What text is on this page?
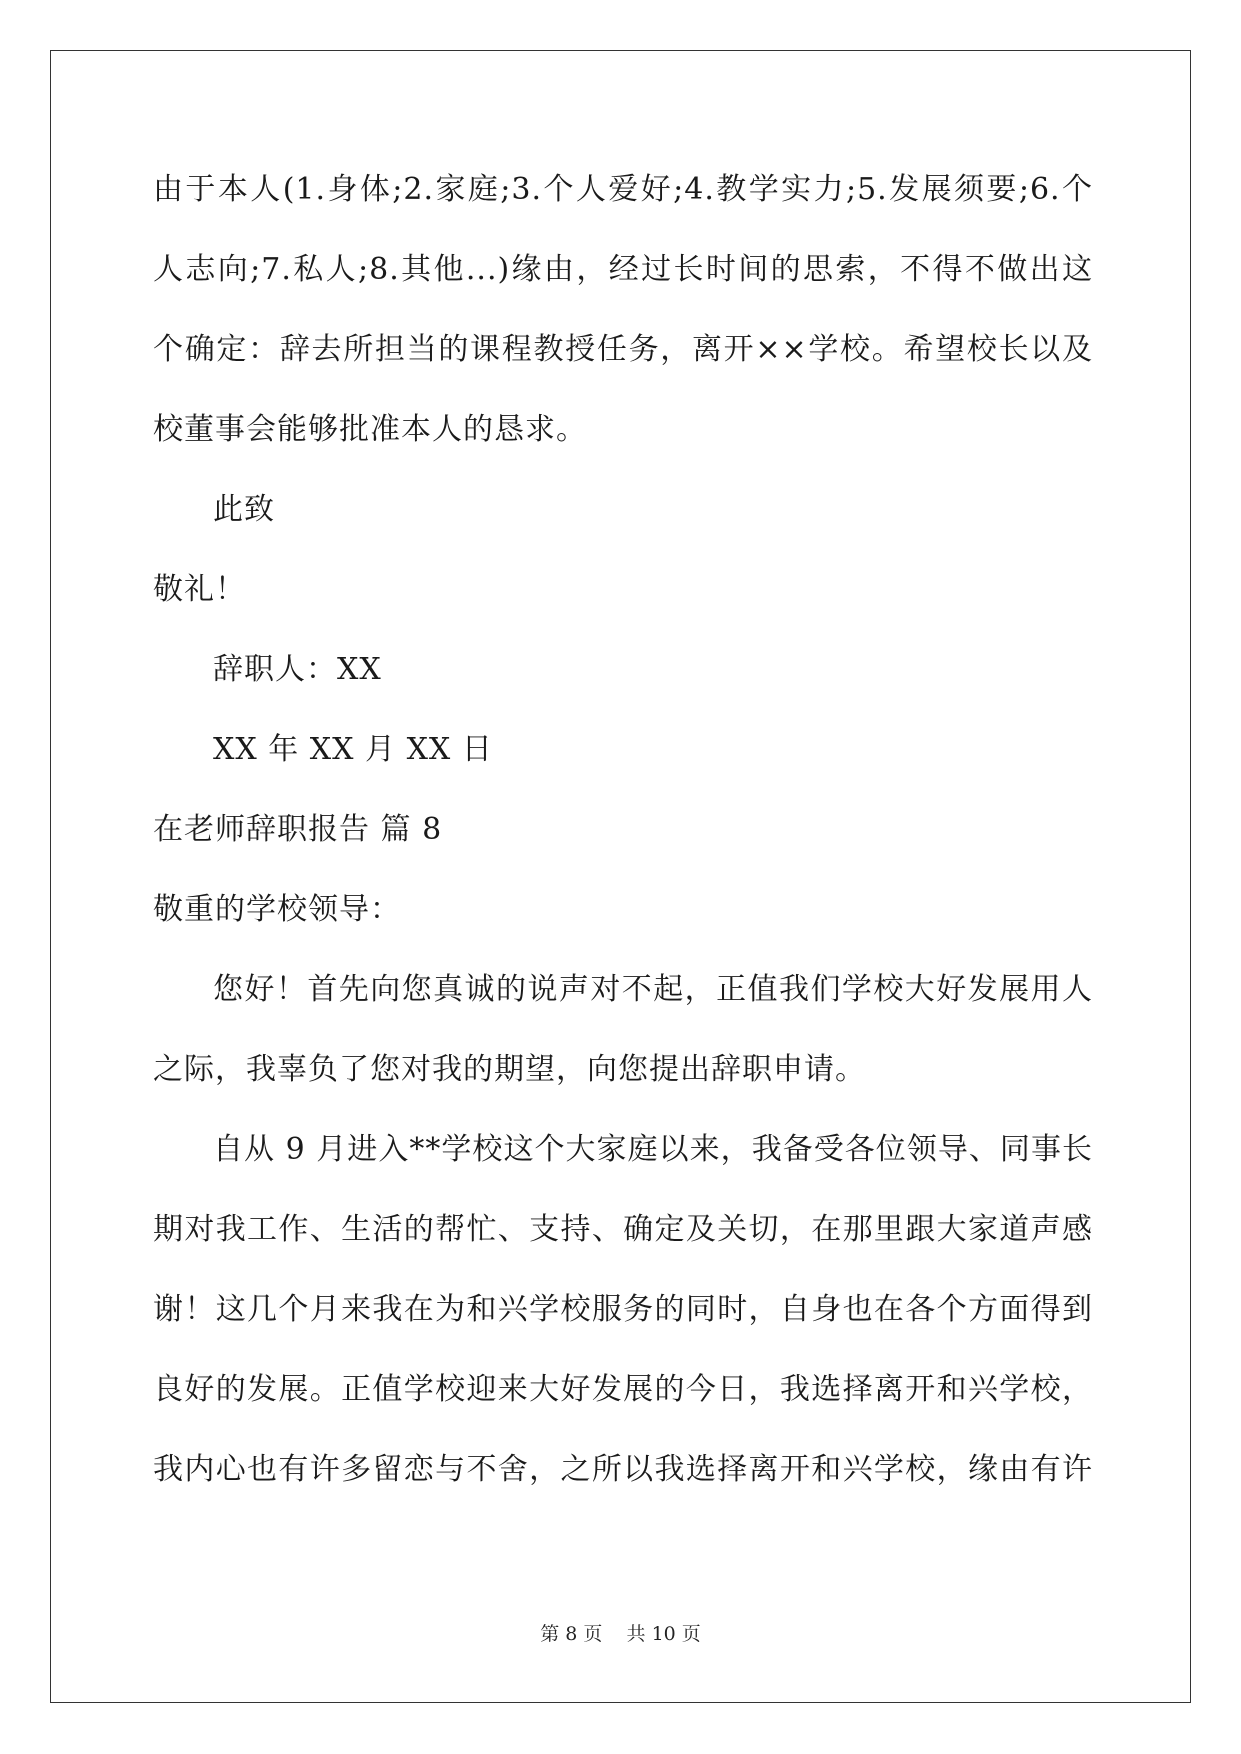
由于本人(1.身体;2.家庭;3.个人爱好;4.教学实力;5.发展须要;6.个
人志向;7.私人;8.其他...)缘由，经过长时间的思索，不得不做出这
个确定：辞去所担当的课程教授任务，离开××学校。希望校长以及
校董事会能够批准本人的恳求。
此致
敬礼！
辞职人：XX
XX 年 XX 月 XX 日
在老师辞职报告 篇 8
敬重的学校领导：
您好！首先向您真诚的说声对不起，正值我们学校大好发展用人
之际，我辜负了您对我的期望，向您提出辞职申请。
自从 9 月进入**学校这个大家庭以来，我备受各位领导、同事长
期对我工作、生活的帮忙、支持、确定及关切，在那里跟大家道声感
谢！这几个月来我在为和兴学校服务的同时，自身也在各个方面得到
良好的发展。正值学校迎来大好发展的今日，我选择离开和兴学校，
我内心也有许多留恋与不舍，之所以我选择离开和兴学校，缘由有许
第 8 页 共 10 页
